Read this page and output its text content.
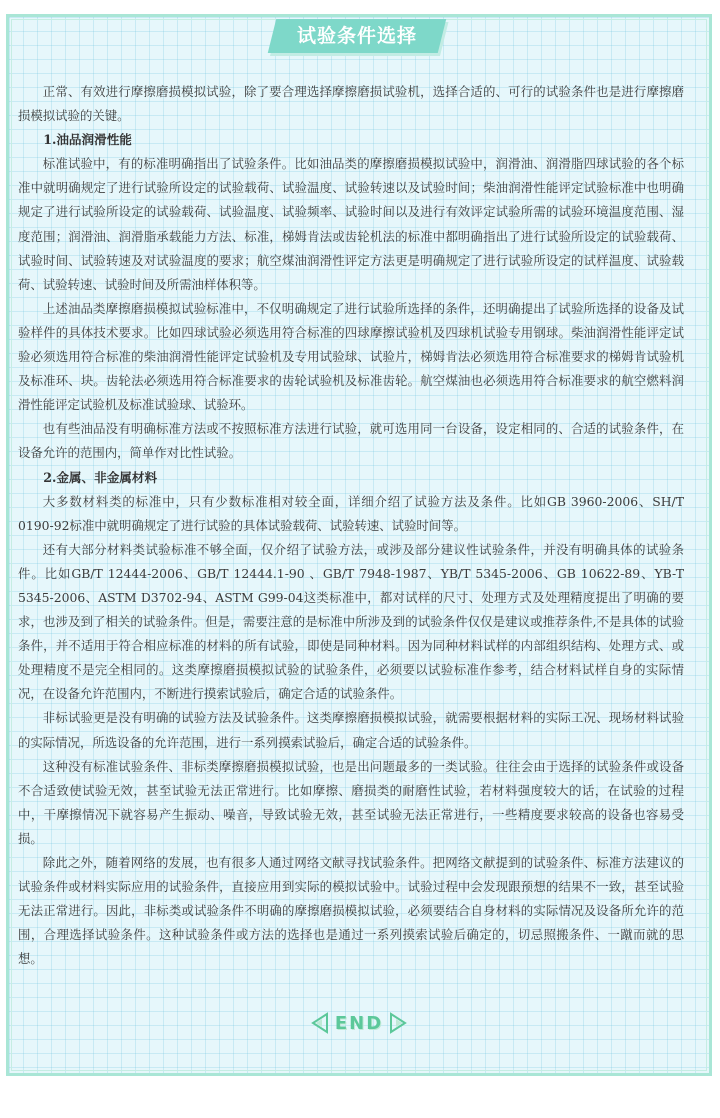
试验条件选择

正常、有效进行摩擦磨损模拟试验，除了要合理选择摩擦磨损试验机，选择合适的、可行的试验条件也是进行摩擦磨损模拟试验的关键。

1.油品润滑性能

标准试验中，有的标准明确指出了试验条件。比如油品类的摩擦磨损模拟试验中，润滑油、润滑脂四球试验的各个标准中就明确规定了进行试验所设定的试验载荷、试验温度、试验转速以及试验时间；柴油润滑性能评定试验标准中也明确规定了进行试验所设定的试验载荷、试验温度、试验频率、试验时间以及进行有效评定试验所需的试验环境温度范围、湿度范围；润滑油、润滑脂承载能力方法、标准，梯姆肯法或齿轮机法的标准中都明确指出了进行试验所设定的试验载荷、试验时间、试验转速及对试验温度的要求；航空煤油润滑性评定方法更是明确规定了进行试验所设定的试样温度、试验载荷、试验转速、试验时间及所需油样体积等。

上述油品类摩擦磨损模拟试验标准中，不仅明确规定了进行试验所选择的条件，还明确提出了试验所选择的设备及试验样件的具体技术要求。比如四球试验必须选用符合标准的四球摩擦试验机及四球机试验专用钢球。柴油润滑性能评定试验必须选用符合标准的柴油润滑性能评定试验机及专用试验球、试验片，梯姆肯法必须选用符合标准要求的梯姆肯试验机及标准环、块。齿轮法必须选用符合标准要求的齿轮试验机及标准齿轮。航空煤油也必须选用符合标准要求的航空燃料润滑性能评定试验机及标准试验球、试验环。

也有些油品没有明确标准方法或不按照标准方法进行试验，就可选用同一台设备，设定相同的、合适的试验条件，在设备允许的范围内，简单作对比性试验。

2.金属、非金属材料

大多数材料类的标准中，只有少数标准相对较全面，详细介绍了试验方法及条件。比如GB 3960-2006、SH/T 0190-92标准中就明确规定了进行试验的具体试验载荷、试验转速、试验时间等。

还有大部分材料类试验标准不够全面，仅介绍了试验方法，或涉及部分建议性试验条件，并没有明确具体的试验条件。比如GB/T 12444-2006、GB/T 12444.1-90 、GB/T 7948-1987、YB/T 5345-2006、GB 10622-89、YB-T 5345-2006、ASTM D3702-94、ASTM G99-04这类标准中，都对试样的尺寸、处理方式及处理精度提出了明确的要求，也涉及到了相关的试验条件。但是，需要注意的是标准中所涉及到的试验条件仅仅是建议或推荐条件,不是具体的试验条件，并不适用于符合相应标准的材料的所有试验，即使是同种材料。因为同种材料试样的内部组织结构、处理方式、或处理精度不是完全相同的。这类摩擦磨损模拟试验的试验条件，必须要以试验标准作参考，结合材料试样自身的实际情况，在设备允许范围内，不断进行摸索试验后，确定合适的试验条件。

非标试验更是没有明确的试验方法及试验条件。这类摩擦磨损模拟试验，就需要根据材料的实际工况、现场材料试验的实际情况，所选设备的允许范围，进行一系列摸索试验后，确定合适的试验条件。

这种没有标准试验条件、非标类摩擦磨损模拟试验，也是出问题最多的一类试验。往往会由于选择的试验条件或设备不合适致使试验无效，甚至试验无法正常进行。比如摩擦、磨损类的耐磨性试验，若材料强度较大的话，在试验的过程中，干摩擦情况下就容易产生振动、噪音，导致试验无效，甚至试验无法正常进行，一些精度要求较高的设备也容易受损。

除此之外，随着网络的发展，也有很多人通过网络文献寻找试验条件。把网络文献提到的试验条件、标准方法建议的试验条件或材料实际应用的试验条件，直接应用到实际的模拟试验中。试验过程中会发现跟预想的结果不一致，甚至试验无法正常进行。因此，非标类或试验条件不明确的摩擦磨损模拟试验，必须要结合自身材料的实际情况及设备所允许的范围，合理选择试验条件。这种试验条件或方法的选择也是通过一系列摸索试验后确定的，切忌照搬条件、一蹴而就的思想。

END
